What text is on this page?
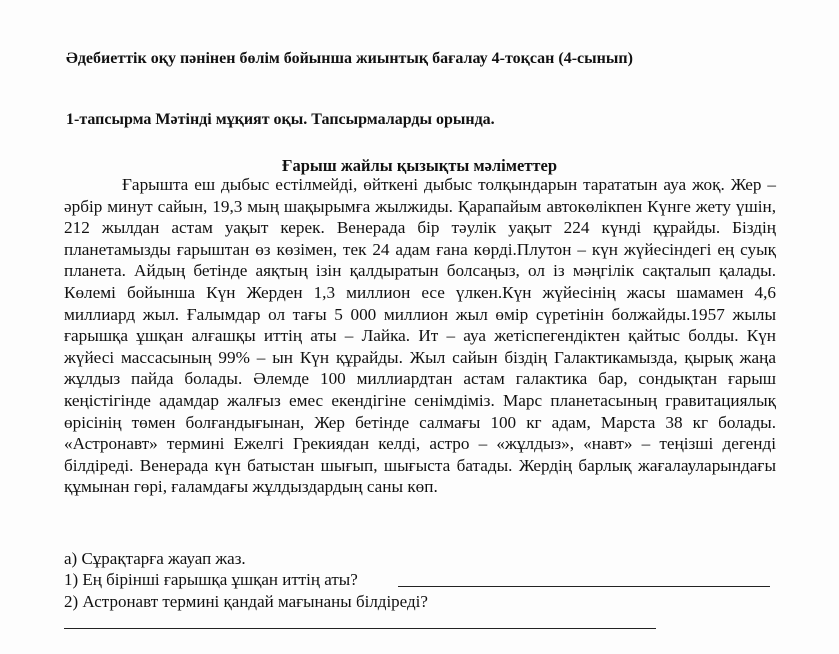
Әдебиеттік оқу пәнінен бөлім бойынша жиынтық бағалау 4-тоқсан (4-сынып)
1-тапсырма Мәтінді мұқият оқы. Тапсырмаларды орында.
Ғарыш жайлы қызықты мәліметтер

Ғарышта еш дыбыс естілмейді, өйткені дыбыс толқындарын тарататын ауа жоқ. Жер – әрбір минут сайын, 19,3 мың шақырымға жылжиды. Қарапайым автокөлікпен Күнге жету үшін, 212 жылдан астам уақыт керек. Венерада бір тәулік уақыт 224 күнді құрайды. Біздің планетамызды ғарыштан өз көзімен, тек 24 адам ғана көрді.Плутон – күн жүйесіндегі ең суық планета. Айдың бетінде аяқтың ізін қалдыратын болсаңыз, ол із мәңгілік сақталып қалады. Көлемі бойынша Күн Жерден 1,3 миллион есе үлкен.Күн жүйесінің жасы шамамен 4,6 миллиард жыл. Ғалымдар ол тағы 5 000 миллион жыл өмір сүретінін болжайды.1957 жылы ғарышқа ұшқан алғашқы иттің аты – Лайка. Ит – ауа жетіспегендіктен қайтыс болды. Күн жүйесі массасының 99% – ын Күн құрайды. Жыл сайын біздің Галактикамызда, қырық жаңа жұлдыз пайда болады. Әлемде 100 миллиардтан астам галактика бар, сондықтан ғарыш кеңістігінде адамдар жалғыз емес екендігіне сенімдіміз. Марс планетасының гравитациялық өрісінің төмен болғандығынан, Жер бетінде салмағы 100 кг адам, Марста 38 кг болады. «Астронавт» термині Ежелгі Грекиядан келді, астро – «жұлдыз», «навт» – теңізші дегенді білдіреді. Венерада күн батыстан шығып, шығыста батады. Жердің барлық жағалауларындағы құмынан гөрі, ғаламдағы жұлдыздардың саны көп.

а) Сұрақтарға жауап жаз.
1) Ең бірінші ғарышқа ұшқан иттің аты?
2) Астронавт термині қандай мағынаны білдіреді?
